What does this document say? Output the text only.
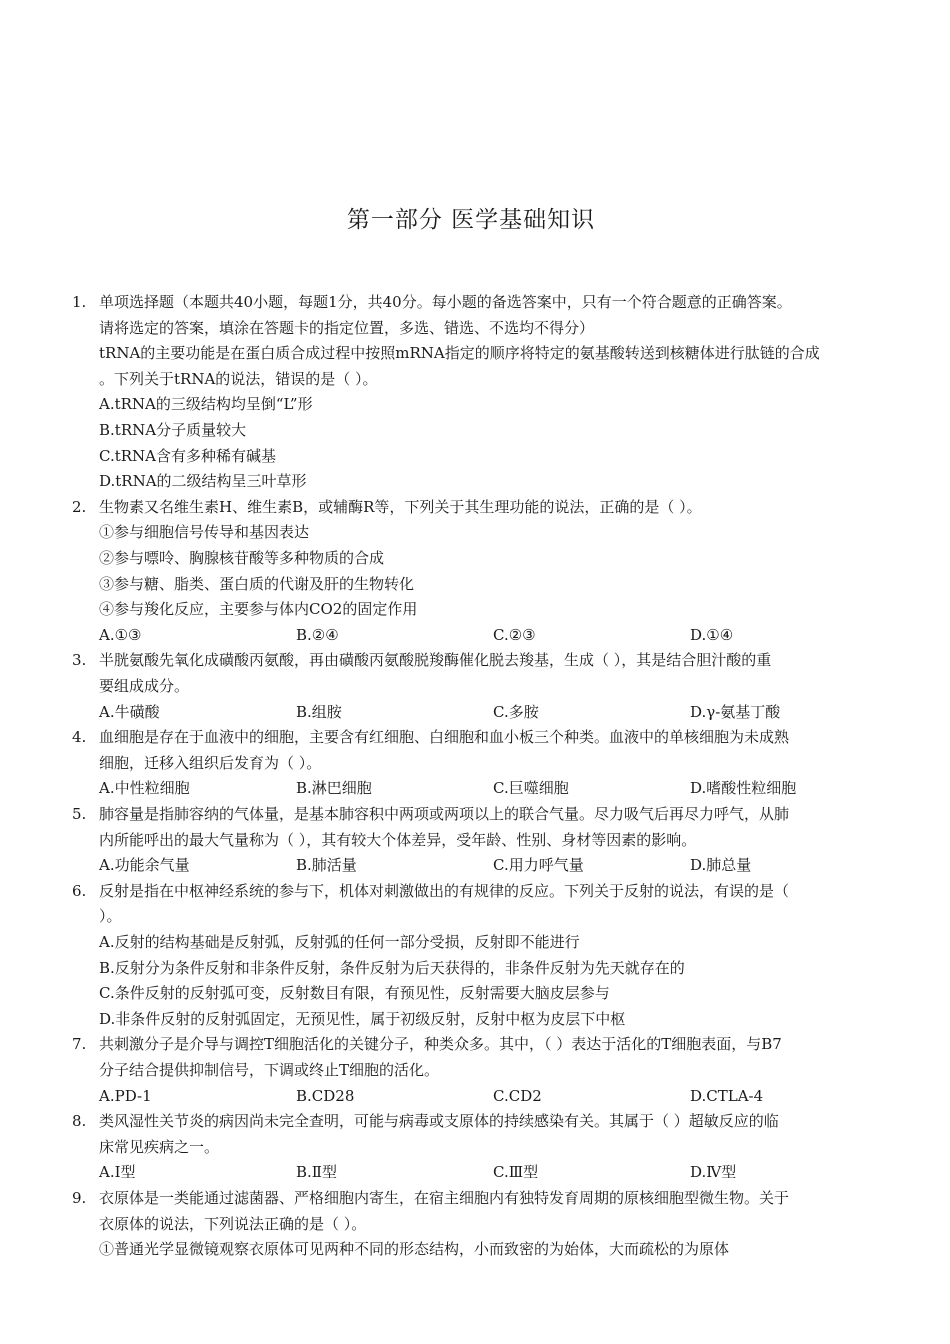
第一部分 医学基础知识
1. 单项选择题（本题共40小题，每题1分，共40分。每小题的备选答案中，只有一个符合题意的正确答案。
请将选定的答案，填涂在答题卡的指定位置，多选、错选、不选均不得分）
tRNA的主要功能是在蛋白质合成过程中按照mRNA指定的顺序将特定的氨基酸转送到核糖体进行肽链的合成
。下列关于tRNA的说法，错误的是（ ）。
A.tRNA的三级结构均呈倒“L”形
B.tRNA分子质量较大
C.tRNA含有多种稀有碱基
D.tRNA的二级结构呈三叶草形
2. 生物素又名维生素H、维生素B，或辅酶R等，下列关于其生理功能的说法，正确的是（ ）。
①参与细胞信号传导和基因表达
②参与嘌呤、胸腺核苷酸等多种物质的合成
③参与糖、脂类、蛋白质的代谢及肝的生物转化
④参与羧化反应，主要参与体内CO2的固定作用
A.①③	B.②④	C.②③	D.①④
3. 半胱氨酸先氧化成磺酸丙氨酸，再由磺酸丙氨酸脱羧酶催化脱去羧基，生成（ ），其是结合胆汁酸的重
要组成成分。
A.牛磺酸	B.组胺	C.多胺	D.γ-氨基丁酸
4. 血细胞是存在于血液中的细胞，主要含有红细胞、白细胞和血小板三个种类。血液中的单核细胞为未成熟
细胞，迁移入组织后发育为（ ）。
A.中性粒细胞	B.淋巴细胞	C.巨噬细胞	D.嗜酸性粒细胞
5. 肺容量是指肺容纳的气体量，是基本肺容积中两项或两项以上的联合气量。尽力吸气后再尽力呼气，从肺
内所能呼出的最大气量称为（ ），其有较大个体差异，受年龄、性别、身材等因素的影响。
A.功能余气量	B.肺活量	C.用力呼气量	D.肺总量
6. 反射是指在中枢神经系统的参与下，机体对刺激做出的有规律的反应。下列关于反射的说法，有误的是（
）。
A.反射的结构基础是反射弧，反射弧的任何一部分受损，反射即不能进行
B.反射分为条件反射和非条件反射，条件反射为后天获得的，非条件反射为先天就存在的
C.条件反射的反射弧可变，反射数目有限，有预见性，反射需要大脑皮层参与
D.非条件反射的反射弧固定，无预见性，属于初级反射，反射中枢为皮层下中枢
7. 共刺激分子是介导与调控T细胞活化的关键分子，种类众多。其中，（ ）表达于活化的T细胞表面，与B7
分子结合提供抑制信号，下调或终止T细胞的活化。
A.PD-1	B.CD28	C.CD2	D.CTLA-4
8. 类风湿性关节炎的病因尚未完全查明，可能与病毒或支原体的持续感染有关。其属于（ ）超敏反应的临
床常见疾病之一。
A.Ⅰ型	B.Ⅱ型	C.Ⅲ型	D.Ⅳ型
9. 衣原体是一类能通过滤菌器、严格细胞内寄生，在宿主细胞内有独特发育周期的原核细胞型微生物。关于
衣原体的说法，下列说法正确的是（ ）。
①普通光学显微镜观察衣原体可见两种不同的形态结构，小而致密的为始体，大而疏松的为原体
